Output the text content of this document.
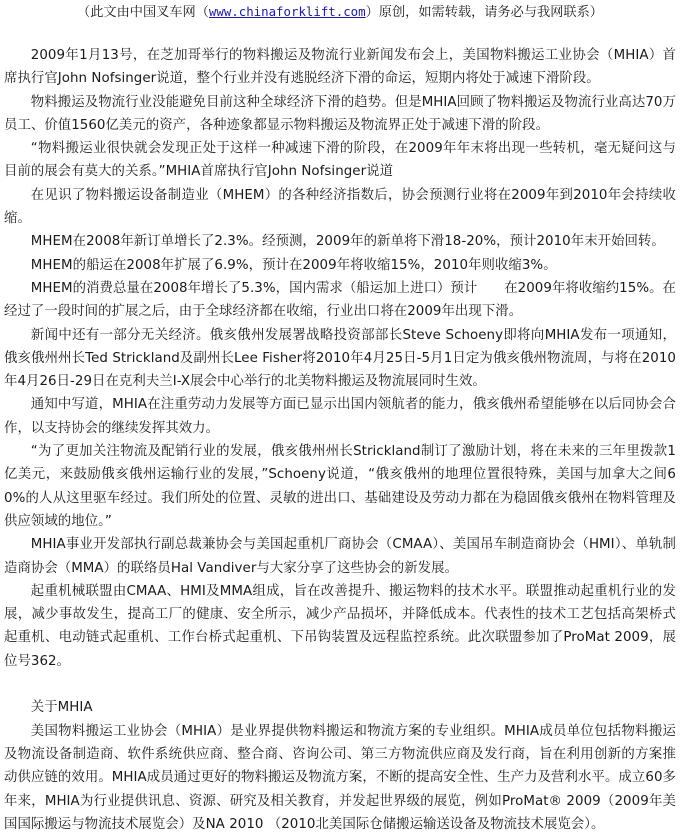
（此文由中国叉车网（www.chinaforklift.com）原创，如需转载，请务必与我网联系）

2009年1月13号，在芝加哥举行的物料搬运及物流行业新闻发布会上，美国物料搬运工业协会（MHIA）首席执行官John Nofsinger说道，整个行业并没有逃脱经济下滑的命运，短期内将处于减速下滑阶段。

物料搬运及物流行业没能避免目前这种全球经济下滑的趋势。但是MHIA回顾了物料搬运及物流行业高达70万员工、价值1560亿美元的资产，各种迹象都显示物料搬运及物流界正处于减速下滑的阶段。

“物料搬运业很快就会发现正处于这样一种减速下滑的阶段，在2009年年末将出现一些转机，毫无疑问这与目前的展会有莫大的关系。”MHIA首席执行官John Nofsinger说道

在见识了物料搬运设备制造业（MHEM）的各种经济指数后，协会预测行业将在2009年到2010年会持续收缩。

MHEM在2008年新订单增长了2.3%。经预测，2009年的新单将下滑18-20%，预计2010年末开始回转。

MHEM的船运在2008年扩展了6.9%，预计在2009年将收缩15%，2010年则收缩3%。

MHEM的消费总量在2008年增长了5.3%，国内需求（船运加上进口）预计　　在2009年将收缩约15%。在经过了一段时间的扩展之后，由于全球经济都在收缩，行业出口将在2009年出现下滑。

新闻中还有一部分无关经济。俄亥俄州发展署战略投资部部长Steve Schoeny即将向MHIA发布一项通知，俄亥俄州州长Ted Strickland及副州长Lee Fisher将2010年4月25日-5月1日定为俄亥俄州物流周，与将在2010年4月26日-29日在克利夫兰I-X展会中心举行的北美物料搬运及物流展同时生效。

通知中写道，MHIA在注重劳动力发展等方面已显示出国内领航者的能力，俄亥俄州希望能够在以后同协会合作，以支持协会的继续发挥其效力。

“为了更加关注物流及配销行业的发展，俄亥俄州州长Strickland制订了激励计划，将在未来的三年里拨款1亿美元，来鼓励俄亥俄州运输行业的发展，”Schoeny说道，“俄亥俄州的地理位置很特殊，美国与加拿大之间60%的人从这里驱车经过。我们所处的位置、灵敏的进出口、基础建设及劳动力都在为稳固俄亥俄州在物料管理及供应领域的地位。”

MHIA事业开发部执行副总裁兼协会与美国起重机厂商协会（CMAA）、美国吊车制造商协会（HMI）、单轨制造商协会（MMA）的联络员Hal Vandiver与大家分享了这些协会的新发展。

起重机械联盟由CMAA、HMI及MMA组成，旨在改善提升、搬运物料的技术水平。联盟推动起重机行业的发展，减少事故发生，提高工厂的健康、安全所示，减少产品损坏，并降低成本。代表性的技术工艺包括高架桥式起重机、电动链式起重机、工作台桥式起重机、下吊钩装置及远程监控系统。此次联盟参加了ProMat 2009，展位号362。

关于MHIA

美国物料搬运工业协会（MHIA）是业界提供物料搬运和物流方案的专业组织。MHIA成员单位包括物料搬运及物流设备制造商、软件系统供应商、整合商、咨询公司、第三方物流供应商及发行商，旨在利用创新的方案推动供应链的效用。MHIA成员通过更好的物料搬运及物流方案，不断的提高安全性、生产力及营利水平。成立60多年来，MHIA为行业提供讯息、资源、研究及相关教育，并发起世界级的展览，例如ProMat® 2009（2009年美国国际搬运与物流技术展览会）及NA 2010 （2010北美国际仓储搬运输送设备及物流技术展览会）。
